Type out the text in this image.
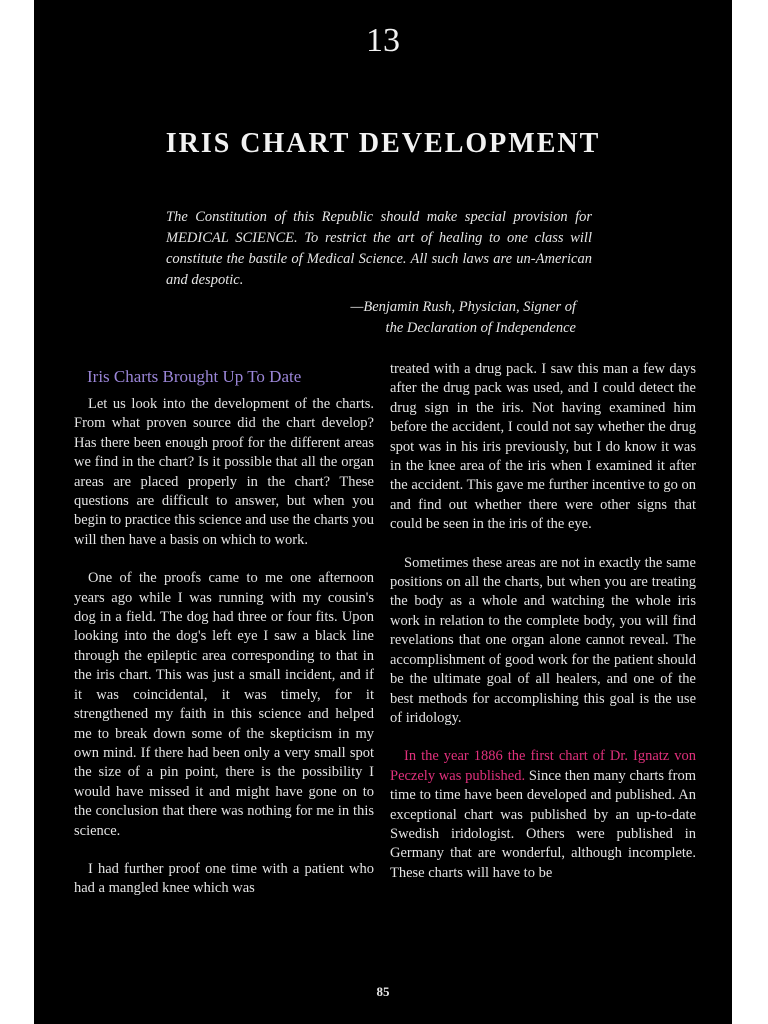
13
IRIS CHART DEVELOPMENT

The Constitution of this Republic should make special provision for MEDICAL SCIENCE. To restrict the art of healing to one class will constitute the bastile of Medical Science. All such laws are un-American and despotic.

—Benjamin Rush, Physician, Signer of
the Declaration of Independence
Iris Charts Brought Up To Date

Let us look into the development of the charts. From what proven source did the chart develop? Has there been enough proof for the different areas we find in the chart? Is it possible that all the organ areas are placed properly in the chart? These questions are difficult to answer, but when you begin to practice this science and use the charts you will then have a basis on which to work.

One of the proofs came to me one afternoon years ago while I was running with my cousin's dog in a field. The dog had three or four fits. Upon looking into the dog's left eye I saw a black line through the epileptic area corresponding to that in the iris chart. This was just a small incident, and if it was coincidental, it was timely, for it strengthened my faith in this science and helped me to break down some of the skepticism in my own mind. If there had been only a very small spot the size of a pin point, there is the possibility I would have missed it and might have gone on to the conclusion that there was nothing for me in this science.

I had further proof one time with a patient who had a mangled knee which was

treated with a drug pack. I saw this man a few days after the drug pack was used, and I could detect the drug sign in the iris. Not having examined him before the accident, I could not say whether the drug spot was in his iris previously, but I do know it was in the knee area of the iris when I examined it after the accident. This gave me further incentive to go on and find out whether there were other signs that could be seen in the iris of the eye.

Sometimes these areas are not in exactly the same positions on all the charts, but when you are treating the body as a whole and watching the whole iris work in relation to the complete body, you will find revelations that one organ alone cannot reveal. The accomplishment of good work for the patient should be the ultimate goal of all healers, and one of the best methods for accomplishing this goal is the use of iridology.

In the year 1886 the first chart of Dr. Ignatz von Peczely was published. Since then many charts from time to time have been developed and published. An exceptional chart was published by an up-to-date Swedish iridologist. Others were published in Germany that are wonderful, although incomplete. These charts will have to be

85
